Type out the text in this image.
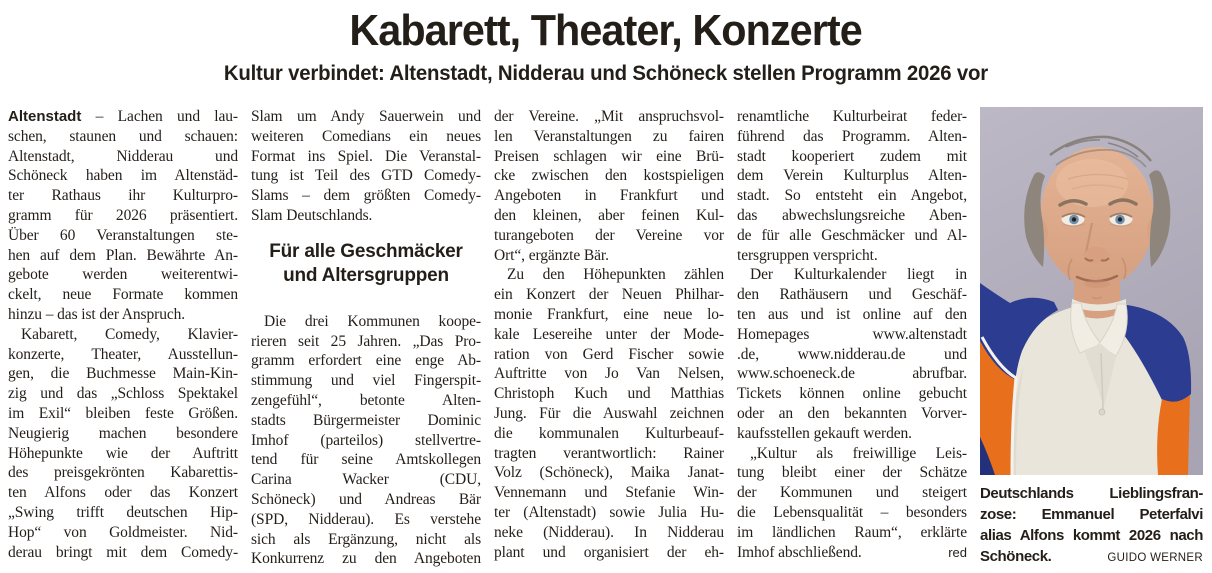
Kabarett, Theater, Konzerte
Kultur verbindet: Altenstadt, Nidderau und Schöneck stellen Programm 2026 vor
Altenstadt – Lachen und lau-
schen, staunen und schauen:
Altenstadt, Nidderau und
Schöneck haben im Altenstäd-
ter Rathaus ihr Kulturpro-
gramm für 2026 präsentiert.
Über 60 Veranstaltungen ste-
hen auf dem Plan. Bewährte An-
gebote werden weiterentwi-
ckelt, neue Formate kommen
hinzu – das ist der Anspruch.
Kabarett, Comedy, Klavier-
konzerte, Theater, Ausstellun-
gen, die Buchmesse Main-Kin-
zig und das „Schloss Spektakel
im Exil“ bleiben feste Größen.
Neugierig machen besondere
Höhepunkte wie der Auftritt
des preisgekrönten Kabarettis-
ten Alfons oder das Konzert
„Swing trifft deutschen Hip-
Hop“ von Goldmeister. Nid-
derau bringt mit dem Comedy-
Slam um Andy Sauerwein und
weiteren Comedians ein neues
Format ins Spiel. Die Veranstal-
tung ist Teil des GTD Comedy-
Slams – dem größten Comedy-
Slam Deutschlands.
Für alle Geschmäcker
und Altersgruppen
Die drei Kommunen koope-
rieren seit 25 Jahren. „Das Pro-
gramm erfordert eine enge Ab-
stimmung und viel Fingerspit-
zengefühl“, betonte Alten-
stadts Bürgermeister Dominic
Imhof (parteilos) stellvertre-
tend für seine Amtskollegen
Carina Wacker (CDU,
Schöneck) und Andreas Bär
(SPD, Nidderau). Es verstehe
sich als Ergänzung, nicht als
Konkurrenz zu den Angeboten
der Vereine. „Mit anspruchsvol-
len Veranstaltungen zu fairen
Preisen schlagen wir eine Brü-
cke zwischen den kostspieligen
Angeboten in Frankfurt und
den kleinen, aber feinen Kul-
turangeboten der Vereine vor
Ort“, ergänzte Bär.
Zu den Höhepunkten zählen
ein Konzert der Neuen Philhar-
monie Frankfurt, eine neue lo-
kale Lesereihe unter der Mode-
ration von Gerd Fischer sowie
Auftritte von Jo Van Nelsen,
Christoph Kuch und Matthias
Jung. Für die Auswahl zeichnen
die kommunalen Kulturbeauf-
tragten verantwortlich: Rainer
Volz (Schöneck), Maika Janat-
Vennemann und Stefanie Win-
ter (Altenstadt) sowie Julia Hu-
neke (Nidderau). In Nidderau
plant und organisiert der eh-
renamtliche Kulturbeirat feder-
führend das Programm. Alten-
stadt kooperiert zudem mit
dem Verein Kulturplus Alten-
stadt. So entsteht ein Angebot,
das abwechslungsreiche Aben-
de für alle Geschmäcker und Al-
tersgruppen verspricht.
Der Kulturkalender liegt in
den Rathäusern und Geschäf-
ten aus und ist online auf den
Homepages www.altenstadt
.de, www.nidderau.de und
www.schoeneck.de abrufbar.
Tickets können online gebucht
oder an den bekannten Vorver-
kaufsstellen gekauft werden.
„Kultur als freiwillige Leis-
tung bleibt einer der Schätze
der Kommunen und steigert
die Lebensqualität – besonders
im ländlichen Raum“, erklärte
Imhof abschließend.	red
Deutschlands Lieblingsfran-
zose: Emmanuel Peterfalvi
alias Alfons kommt 2026 nach
Schöneck.	GUIDO WERNER
